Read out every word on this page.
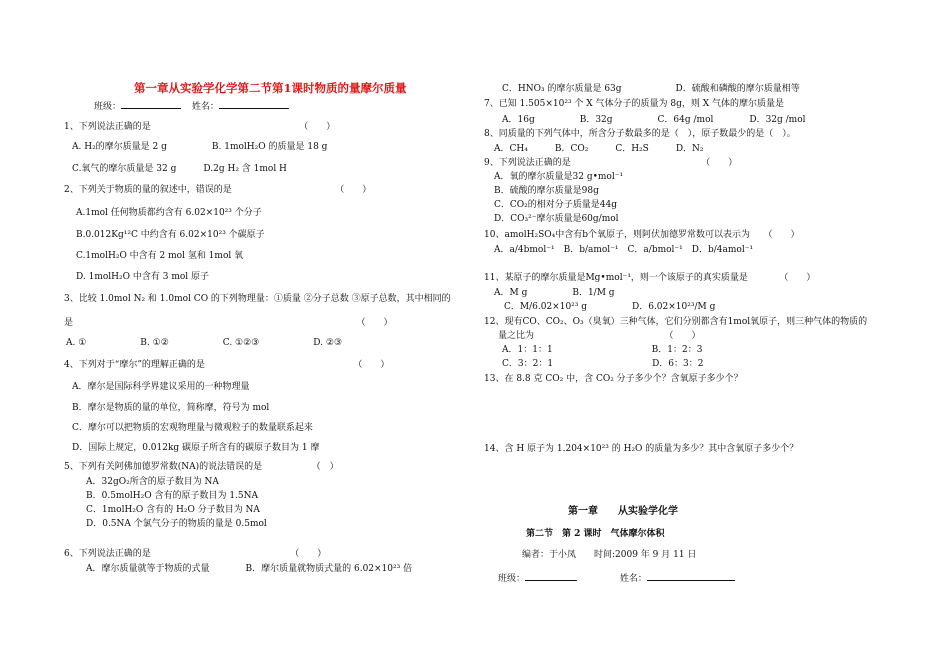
第一章从实验学化学第二节第1课时物质的量摩尔质量
班级：	姓名：
1、下列说法正确的是　　　　　　　　　　　　　　　　　（　　）
A. H₂的摩尔质量是 2 g　　　　　B. 1molH₂O 的质量是 18 g
C.氧气的摩尔质量是 32 g　　　D.2g H₂ 含 1mol H
2、下列关于物质的量的叙述中，错误的是　　　　　　　　　　　　（　　）
A.1mol 任何物质都约含有 6.02×10²³ 个分子
B.0.012Kg¹²C 中约含有 6.02×10²³ 个碳原子
C.1molH₂O 中含有 2 mol 氢和 1mol 氧
D. 1molH₂O 中含有 3 mol 原子
3、比较 1.0mol N₂ 和 1.0mol CO 的下列物理量：①质量 ②分子总数 ③原子总数，其中相同的
是　　　　　　　　　　　　　　　　　　　　　　　　　　　　　　　　（　　）
A. ①　　　　　　B. ①②　　　　　　C. ①②③　　　　　　D. ②③
4、下列对于“摩尔”的理解正确的是　　　　　　　　　　　　　　　　　（　　）
A．摩尔是国际科学界建议采用的一种物理量
B．摩尔是物质的量的单位，简称摩，符号为 mol
C．摩尔可以把物质的宏观物理量与微观粒子的数量联系起来
D．国际上规定，0.012kg 碳原子所含有的碳原子数目为 1 摩
5、下列有关阿佛加德罗常数(NA)的说法错误的是　　　　　　（　）
A．32gO₂所含的原子数目为 NA
B．0.5molH₂O 含有的原子数目为 1.5NA
C．1molH₂O 含有的 H₂O 分子数目为 NA
D．0.5NA 个氯气分子的物质的量是 0.5mol
6、下列说法正确的是　　　　　　　　　　　　　　　　（　　）
A．摩尔质量就等于物质的式量　　　　B．摩尔质量就物质式量的 6.02×10²³ 倍
C．HNO₃ 的摩尔质量是 63g　　　　　　D．硫酸和磷酸的摩尔质量相等
7、已知 1.505×10²³ 个 X 气体分子的质量为 8g，则 X 气体的摩尔质量是
A．16g　　　　　B．32g　　　　　C．64g /mol　　　　D．32g /mol
8、同质量的下列气体中，所含分子数最多的是（　），原子数最少的是（　）。
A．CH₄　　　B．CO₂　　　C．H₂S　　　D．N₂
9、下列说法正确的是　　　　　　　　　　　　　　　（　　）
A．氧的摩尔质量是32 g•mol⁻¹
B．硫酸的摩尔质量是98g
C．CO₂的相对分子质量是44g
D．CO₃²⁻摩尔质量是60g/mol
10、amolH₂SO₄中含有b个氧原子，则阿伏加德罗常数可以表示为　　（　　）
A．a/4bmol⁻¹　B．b/amol⁻¹　C．a/bmol⁻¹　D．b/4amol⁻¹
11、某原子的摩尔质量是Mg•mol⁻¹，则一个该原子的真实质量是　　　　（　　）
A．M g　　　　　B．1/M g
C．M/6.02×10²³ g　　　　　D．6.02×10²³/M g
12、现有CO、CO₂、O₃（臭氧）三种气体，它们分别都含有1mol氧原子，则三种气体的物质的
量之比为　　　　　　　　　　　　　　　（　　）
A．1：1：1　　　　　　　　　　　B．1：2：3
C．3：2：1　　　　　　　　　　　D．6：3：2
13、在 8.8 克 CO₂ 中，含 CO₂ 分子多少个？含氧原子多少个？
14、含 H 原子为 1.204×10²³ 的 H₂O 的质量为多少？其中含氧原子多少个？
第一章　　从实验学化学
第二节　第 2 课时　气体摩尔体积
编者：于小凤　　时间:2009 年 9 月 11 日
班级：	姓名：
